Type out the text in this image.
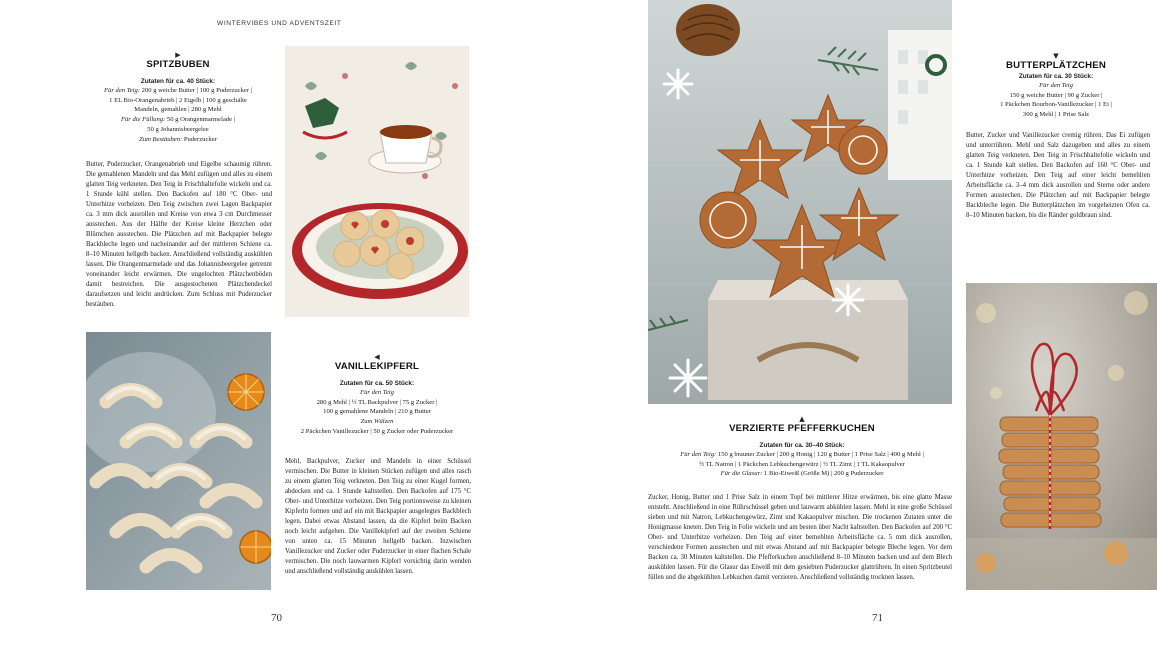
WINTERVIBES UND ADVENTSZEIT
▶
SPITZBUBEN
Zutaten für ca. 40 Stück:
Für den Teig: 200 g weiche Butter | 100 g Puderzucker |
1 EL Bio-Orangenabrieb | 2 Eigelb | 100 g geschälte
Mandeln, gemahlen | 280 g Mehl
Für die Füllung: 50 g Orangenmarmelade |
50 g Johannisbeergelee
Zum Bestäuben: Puderzucker
Butter, Puderzucker, Orangenabrieb und Eigelbe schaumig rühren. Die gemahlenen Mandeln und das Mehl zufügen und alles zu einem glatten Teig verkneten. Den Teig in Frischhaltefolie wickeln und ca. 1 Stunde kühl stellen. Den Backofen auf 180 °C Ober- und Unterhitze vorheizen. Den Teig zwischen zwei Lagen Backpapier ca. 3 mm dick ausrollen und Kreise von etwa 3 cm Durchmesser ausstechen. Aus der Hälfte der Kreise kleine Herzchen oder Blümchen ausstechen. Die Plätzchen auf mit Backpapier belegte Backbleche legen und nacheinander auf der mittleren Schiene ca. 8–10 Minuten hellgelb backen. Anschließend vollständig auskühlen lassen. Die Orangenmarmelade und das Johannisbeergelee getrennt voneinander leicht erwärmen. Die ungelochten Plätzchenböden damit bestreichen. Die ausgestochenen Plätzchendeckel daraufsetzen und leicht andrücken. Zum Schluss mit Puderzucker bestäuben.
◀
VANILLEKIPFERL
Zutaten für ca. 50 Stück:
Für den Teig
280 g Mehl | ½ TL Backpulver | 75 g Zucker |
100 g gemahlene Mandeln | 210 g Butter
Zum Wälzen
2 Päckchen Vanillezucker | 50 g Zucker oder Puderzucker
Mehl, Backpulver, Zucker und Mandeln in einer Schüssel vermischen. Die Butter in kleinen Stücken zufügen und alles rasch zu einem glatten Teig verkneten. Den Teig zu einer Kugel formen, abdecken und ca. 1 Stunde kaltstellen. Den Backofen auf 175 °C Ober- und Unterhitze vorheizen. Den Teig portionsweise zu kleinen Kipferln formen und auf ein mit Backpapier ausgelegtes Backblech legen. Dabei etwas Abstand lassen, da die Kipferl beim Backen noch leicht aufgehen. Die Vanillekipferl auf der zweiten Schiene von unten ca. 15 Minuten hellgelb backen. Inzwischen Vanillezucker und Zucker oder Puderzucker in einer flachen Schale vermischen. Die noch lauwarmen Kipferl vorsichtig darin wenden und anschließend vollständig auskühlen lassen.
70
▼
BUTTERPLÄTZCHEN
Zutaten für ca. 30 Stück:
Für den Teig
150 g weiche Butter | 90 g Zucker |
1 Päckchen Bourbon-Vanillezucker | 1 Ei |
300 g Mehl | 1 Prise Salz
Butter, Zucker und Vanillezucker cremig rühren. Das Ei zufügen und unterrühren. Mehl und Salz dazugeben und alles zu einem glatten Teig verkneten. Den Teig in Frischhaltefolie wickeln und ca. 1 Stunde kalt stellen. Den Backofen auf 160 °C Ober- und Unterhitze vorheizen. Den Teig auf einer leicht bemehlten Arbeitsfläche ca. 3–4 mm dick ausrollen und Sterne oder andere Formen ausstechen. Die Plätzchen auf mit Backpapier belegte Backbleche legen. Die Butterplätzchen im vorgeheizten Ofen ca. 8–10 Minuten backen, bis die Ränder goldbraun sind.
▲
VERZIERTE PFEFFERKUCHEN
Zutaten für ca. 30–40 Stück:
Für den Teig: 150 g brauner Zucker | 200 g Honig | 120 g Butter | 1 Prise Salz | 400 g Mehl |
½ TL Natron | 1 Päckchen Lebkuchengewürz | ½ TL Zimt | 1 TL Kakaopulver
Für die Glasur: 1 Bio-Eiweiß (Größe M) | 200 g Puderzucker
Zucker, Honig, Butter und 1 Prise Salz in einem Topf bei mittlerer Hitze erwärmen, bis eine glatte Masse entsteht. Anschließend in eine Rührschüssel geben und lauwarm abkühlen lassen. Mehl in eine große Schüssel sieben und mit Natron, Lebkuchengewürz, Zimt und Kakaopulver mischen. Die trockenen Zutaten unter die Honigmasse kneten. Den Teig in Folie wickeln und am besten über Nacht kaltstellen. Den Backofen auf 200 °C Ober- und Unterhitze vorheizen. Den Teig auf einer bemehlten Arbeitsfläche ca. 5 mm dick ausrollen, verschiedene Formen ausstechen und mit etwas Abstand auf mit Backpapier belegte Bleche legen. Vor dem Backen ca. 30 Minuten kaltstellen. Die Pfefferkuchen anschließend 8–10 Minuten backen und auf dem Blech auskühlen lassen. Für die Glasur das Eiweiß mit dem gesiebten Puderzucker glattrühren. In einen Spritzbeutel füllen und die abgekühlten Lebkuchen damit verzieren. Anschließend vollständig trocknen lassen.
71
